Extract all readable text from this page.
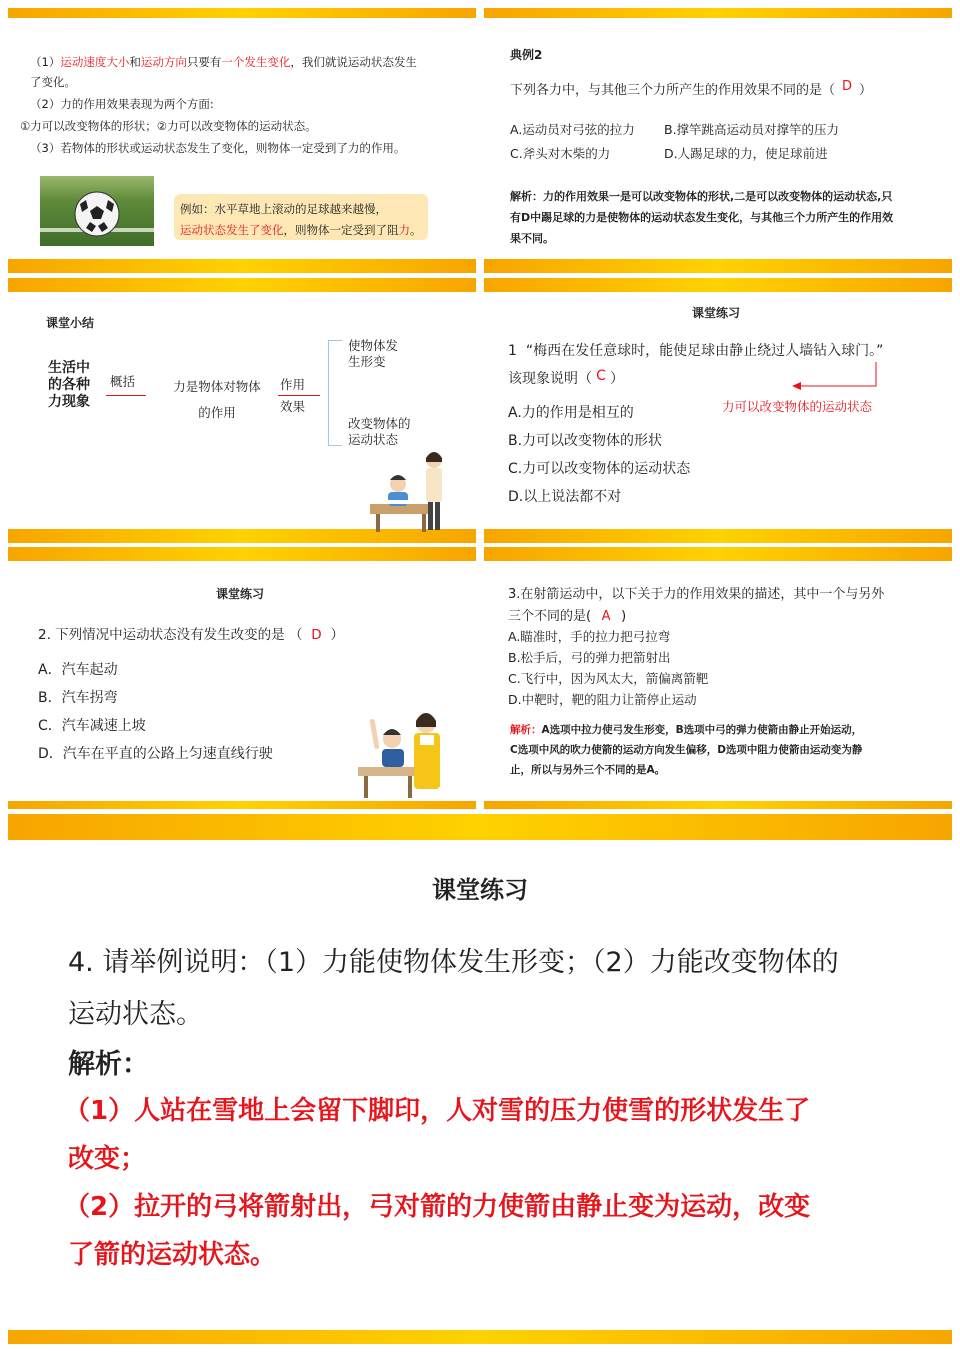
（1）运动速度大小和运动方向只要有一个发生变化，我们就说运动状态发生
了变化。
（2）力的作用效果表现为两个方面:
①力可以改变物体的形状；②力可以改变物体的运动状态。
（3）若物体的形状或运动状态发生了变化，则物体一定受到了力的作用。
例如：水平草地上滚动的足球越来越慢，
运动状态发生了变化，则物体一定受到了阻力。
典例2
下列各力中，与其他三个力所产生的作用效果不同的是（ D ）
A.运动员对弓弦的拉力 B.撑竿跳高运动员对撑竿的压力
C.斧头对木柴的力	D.人踢足球的力，使足球前进
解析：力的作用效果一是可以改变物体的形状,二是可以改变物体的运动状态,只
有D中踢足球的力是使物体的运动状态发生变化，与其他三个力所产生的作用效
果不同。
课堂小结
生活中
的各种
力现象
概括	力是物体对物体
的作用
作用
效果
使物体发
生形变
改变物体的
运动状态
课堂练习
1 “梅西在发任意球时，能使足球由静止绕过人墙钻入球门。”
该现象说明（ C ）
力可以改变物体的运动状态
A.力的作用是相互的
B.力可以改变物体的形状
C.力可以改变物体的运动状态
D.以上说法都不对
课堂练习
2. 下列情况中运动状态没有发生改变的是 （ D ）
A．汽车起动
B．汽车拐弯
C．汽车减速上坡
D．汽车在平直的公路上匀速直线行驶
3.在射箭运动中，以下关于力的作用效果的描述，其中一个与另外
三个不同的是( A )
A.瞄准时，手的拉力把弓拉弯
B.松手后，弓的弹力把箭射出
C.飞行中，因为风太大，箭偏离箭靶
D.中靶时，靶的阻力让箭停止运动
解析：A选项中拉力使弓发生形变，B选项中弓的弹力使箭由静止开始运动，
C选项中风的吹力使箭的运动方向发生偏移，D选项中阻力使箭由运动变为静
止，所以与另外三个不同的是A。
课堂练习
4. 请举例说明：（1）力能使物体发生形变；（2）力能改变物体的
运动状态。
解析：
（1）人站在雪地上会留下脚印，人对雪的压力使雪的形状发生了
改变；
（2）拉开的弓将箭射出，弓对箭的力使箭由静止变为运动，改变
了箭的运动状态。
